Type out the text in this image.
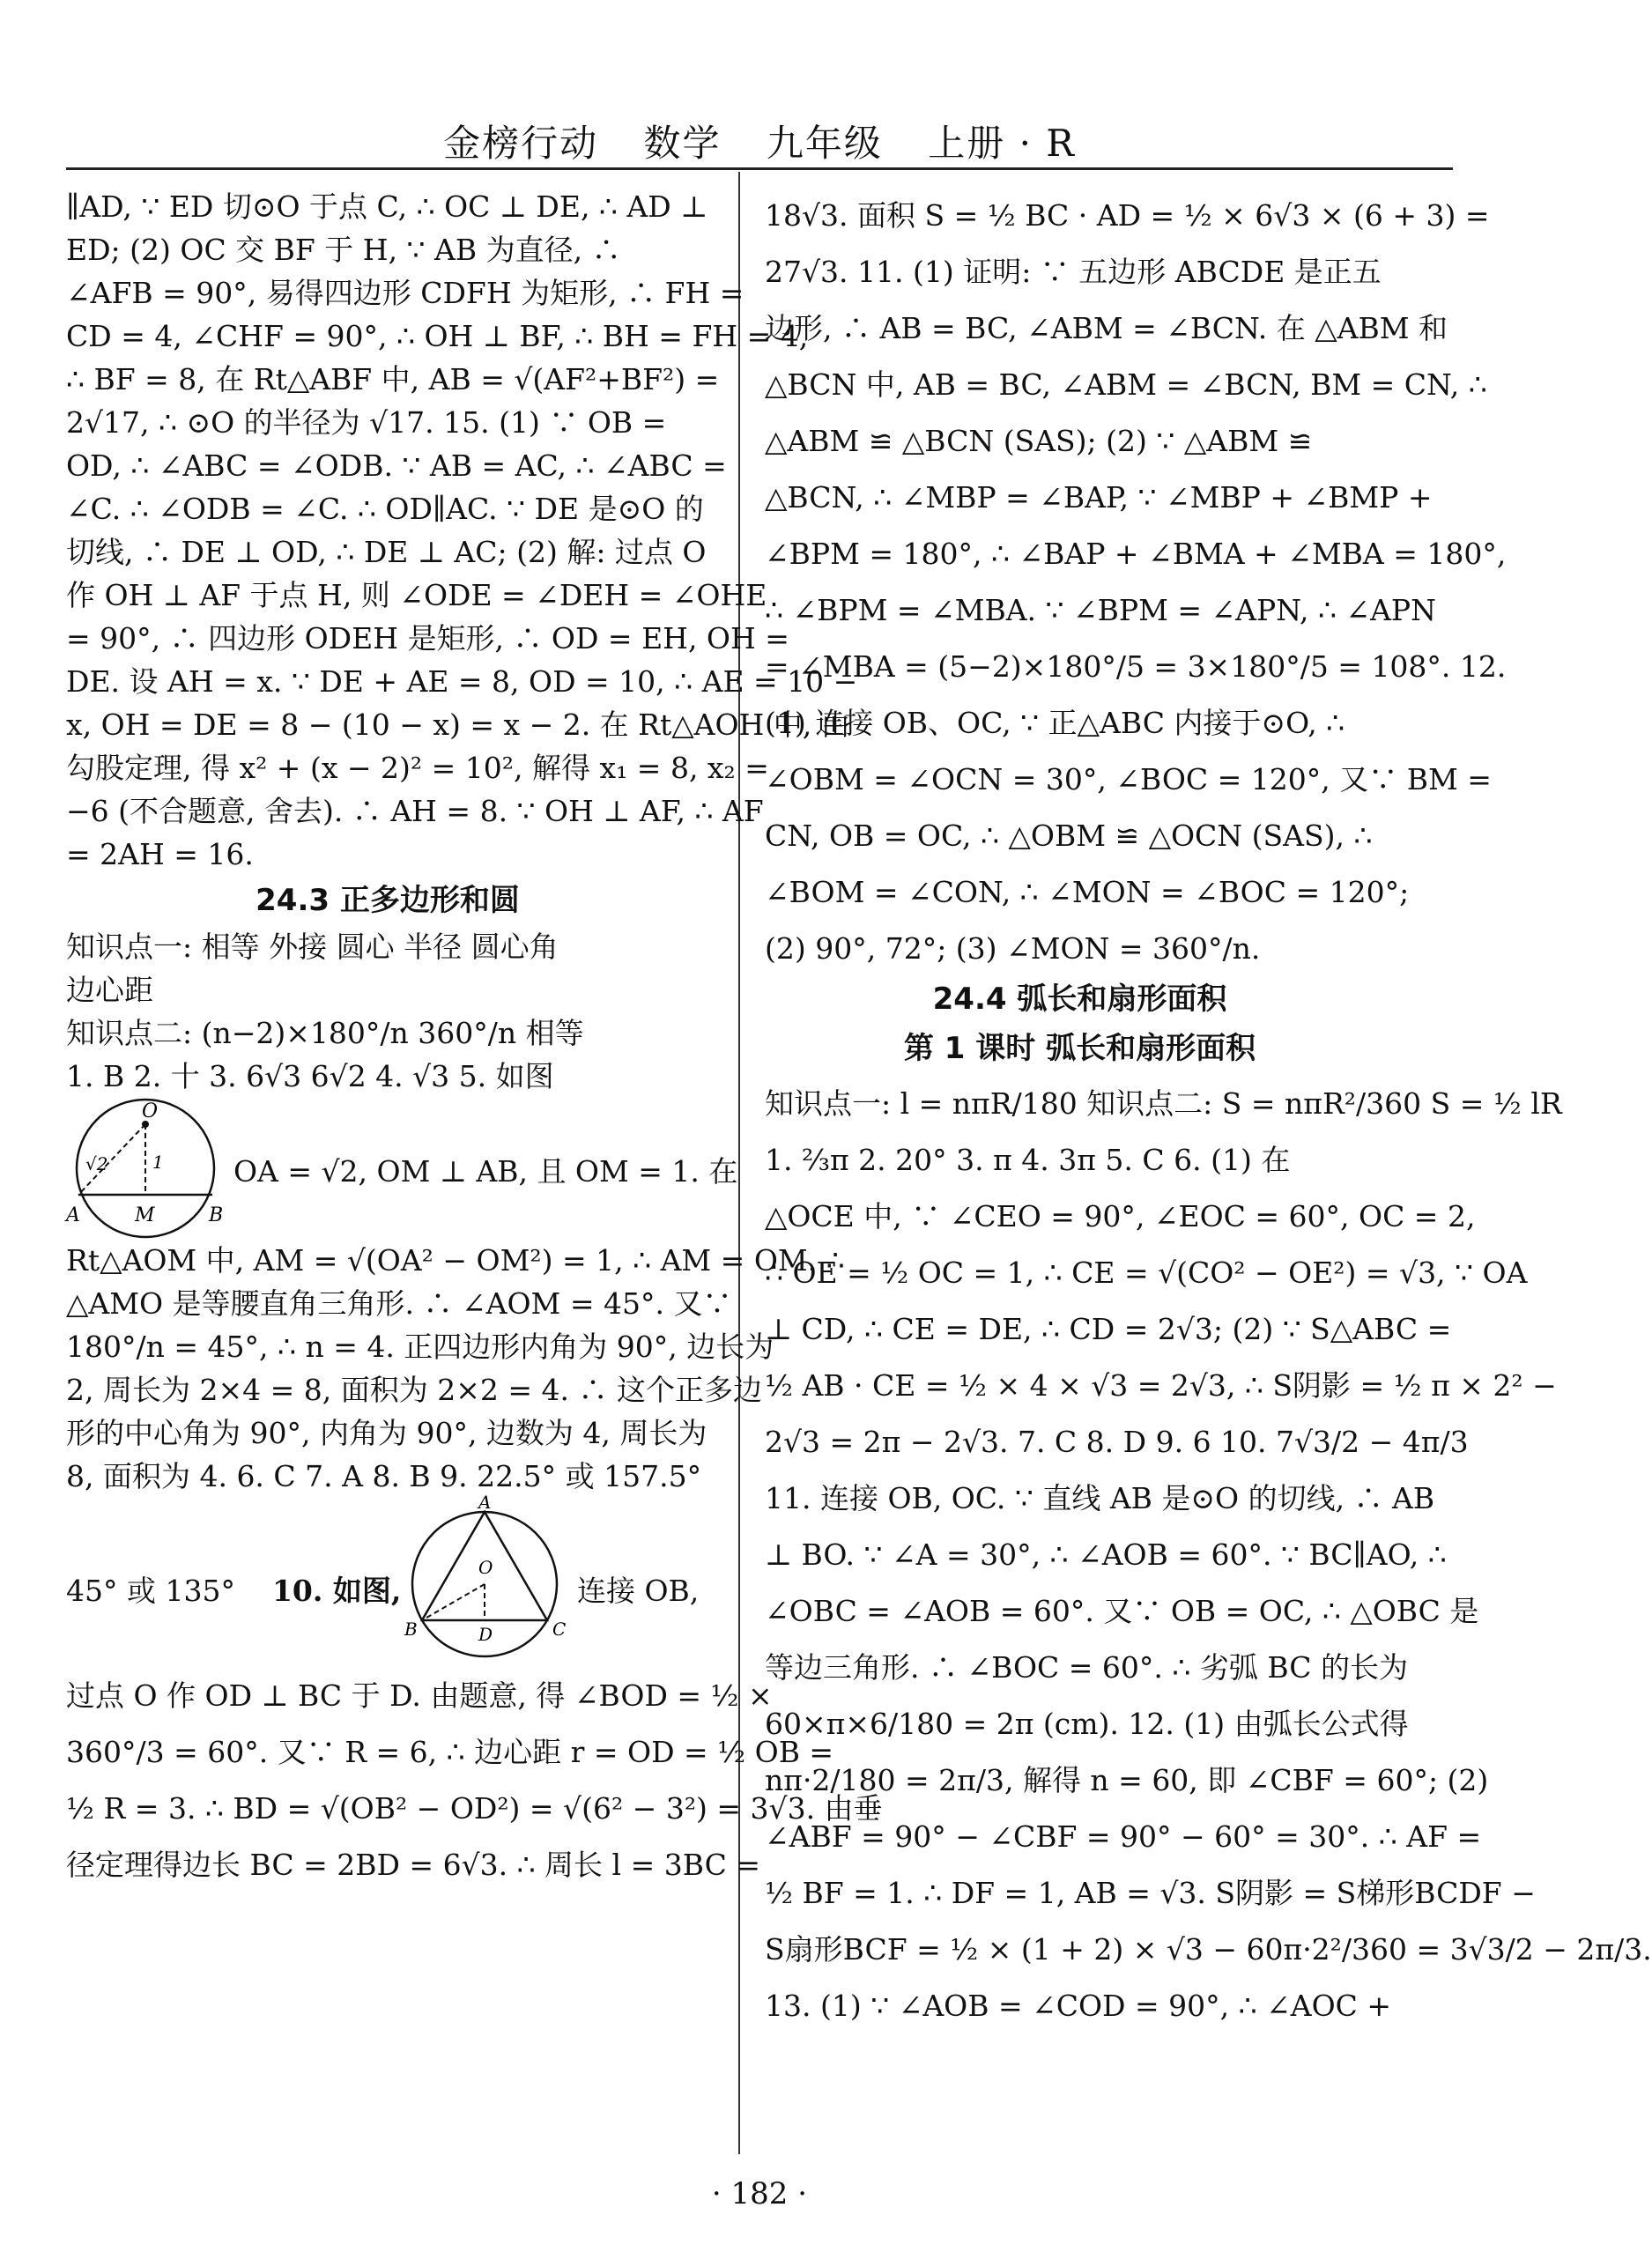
金榜行动 数学 九年级 上册 · R
∥AD, ∵ ED 切⊙O 于点 C, ∴ OC ⊥ DE, ∴ AD ⊥
ED; (2) OC 交 BF 于 H, ∵ AB 为直径, ∴
∠AFB = 90°, 易得四边形 CDFH 为矩形, ∴ FH =
CD = 4, ∠CHF = 90°, ∴ OH ⊥ BF, ∴ BH = FH = 4,
∴ BF = 8, 在 Rt△ABF 中, AB = √(AF²+BF²) =
2√17, ∴ ⊙O 的半径为 √17. 15. (1) ∵ OB =
OD, ∴ ∠ABC = ∠ODB. ∵ AB = AC, ∴ ∠ABC =
∠C. ∴ ∠ODB = ∠C. ∴ OD∥AC. ∵ DE 是⊙O 的
切线, ∴ DE ⊥ OD, ∴ DE ⊥ AC; (2) 解: 过点 O
作 OH ⊥ AF 于点 H, 则 ∠ODE = ∠DEH = ∠OHE
= 90°, ∴ 四边形 ODEH 是矩形, ∴ OD = EH, OH =
DE. 设 AH = x. ∵ DE + AE = 8, OD = 10, ∴ AE = 10 −
x, OH = DE = 8 − (10 − x) = x − 2. 在 Rt△AOH 中, 由
勾股定理, 得 x² + (x − 2)² = 10², 解得 x₁ = 8, x₂ =
−6 (不合题意, 舍去). ∴ AH = 8. ∵ OH ⊥ AF, ∴ AF
= 2AH = 16.
24.3 正多边形和圆
知识点一: 相等 外接 圆心 半径 圆心角
边心距
知识点二: (n−2)×180°/n 360°/n 相等
1. B 2. 十 3. 6√3 6√2 4. √3 5. 如图
O
A	M	B
√2	1 OA = √2, OM ⊥ AB, 且 OM = 1. 在
Rt△AOM 中, AM = √(OA² − OM²) = 1, ∴ AM = OM. ∴
△AMO 是等腰直角三角形. ∴ ∠AOM = 45°. 又∵
180°/n = 45°, ∴ n = 4. 正四边形内角为 90°, 边长为
2, 周长为 2×4 = 8, 面积为 2×2 = 4. ∴ 这个正多边
形的中心角为 90°, 内角为 90°, 边数为 4, 周长为
8, 面积为 4. 6. C 7. A 8. B 9. 22.5° 或 157.5°
45° 或 135° 10. 如图,
A
O
B	D	C
连接 OB,
过点 O 作 OD ⊥ BC 于 D. 由题意, 得 ∠BOD = ½ ×
360°/3 = 60°. 又∵ R = 6, ∴ 边心距 r = OD = ½ OB =
½ R = 3. ∴ BD = √(OB² − OD²) = √(6² − 3²) = 3√3. 由垂
径定理得边长 BC = 2BD = 6√3. ∴ 周长 l = 3BC =
18√3. 面积 S = ½ BC · AD = ½ × 6√3 × (6 + 3) =
27√3. 11. (1) 证明: ∵ 五边形 ABCDE 是正五
边形, ∴ AB = BC, ∠ABM = ∠BCN. 在 △ABM 和
△BCN 中, AB = BC, ∠ABM = ∠BCN, BM = CN, ∴
△ABM ≌ △BCN (SAS); (2) ∵ △ABM ≌
△BCN, ∴ ∠MBP = ∠BAP, ∵ ∠MBP + ∠BMP +
∠BPM = 180°, ∴ ∠BAP + ∠BMA + ∠MBA = 180°,
∴ ∠BPM = ∠MBA. ∵ ∠BPM = ∠APN, ∴ ∠APN
= ∠MBA = (5−2)×180°/5 = 3×180°/5 = 108°. 12.
(1) 连接 OB、OC, ∵ 正△ABC 内接于⊙O, ∴
∠OBM = ∠OCN = 30°, ∠BOC = 120°, 又∵ BM =
CN, OB = OC, ∴ △OBM ≌ △OCN (SAS), ∴
∠BOM = ∠CON, ∴ ∠MON = ∠BOC = 120°;
(2) 90°, 72°; (3) ∠MON = 360°/n.
24.4 弧长和扇形面积
第 1 课时 弧长和扇形面积
知识点一: l = nπR/180 知识点二: S = nπR²/360 S = ½ lR
1. ⅔π 2. 20° 3. π 4. 3π 5. C 6. (1) 在
△OCE 中, ∵ ∠CEO = 90°, ∠EOC = 60°, OC = 2,
∴ OE = ½ OC = 1, ∴ CE = √(CO² − OE²) = √3, ∵ OA
⊥ CD, ∴ CE = DE, ∴ CD = 2√3; (2) ∵ S△ABC =
½ AB · CE = ½ × 4 × √3 = 2√3, ∴ S阴影 = ½ π × 2² −
2√3 = 2π − 2√3. 7. C 8. D 9. 6 10. 7√3/2 − 4π/3
11. 连接 OB, OC. ∵ 直线 AB 是⊙O 的切线, ∴ AB
⊥ BO. ∵ ∠A = 30°, ∴ ∠AOB = 60°. ∵ BC∥AO, ∴
∠OBC = ∠AOB = 60°. 又∵ OB = OC, ∴ △OBC 是
等边三角形. ∴ ∠BOC = 60°. ∴ 劣弧 BC 的长为
60×π×6/180 = 2π (cm). 12. (1) 由弧长公式得
nπ·2/180 = 2π/3, 解得 n = 60, 即 ∠CBF = 60°; (2)
∠ABF = 90° − ∠CBF = 90° − 60° = 30°. ∴ AF =
½ BF = 1. ∴ DF = 1, AB = √3. S阴影 = S梯形BCDF −
S扇形BCF = ½ × (1 + 2) × √3 − 60π·2²/360 = 3√3/2 − 2π/3.
13. (1) ∵ ∠AOB = ∠COD = 90°, ∴ ∠AOC +
· 182 ·
